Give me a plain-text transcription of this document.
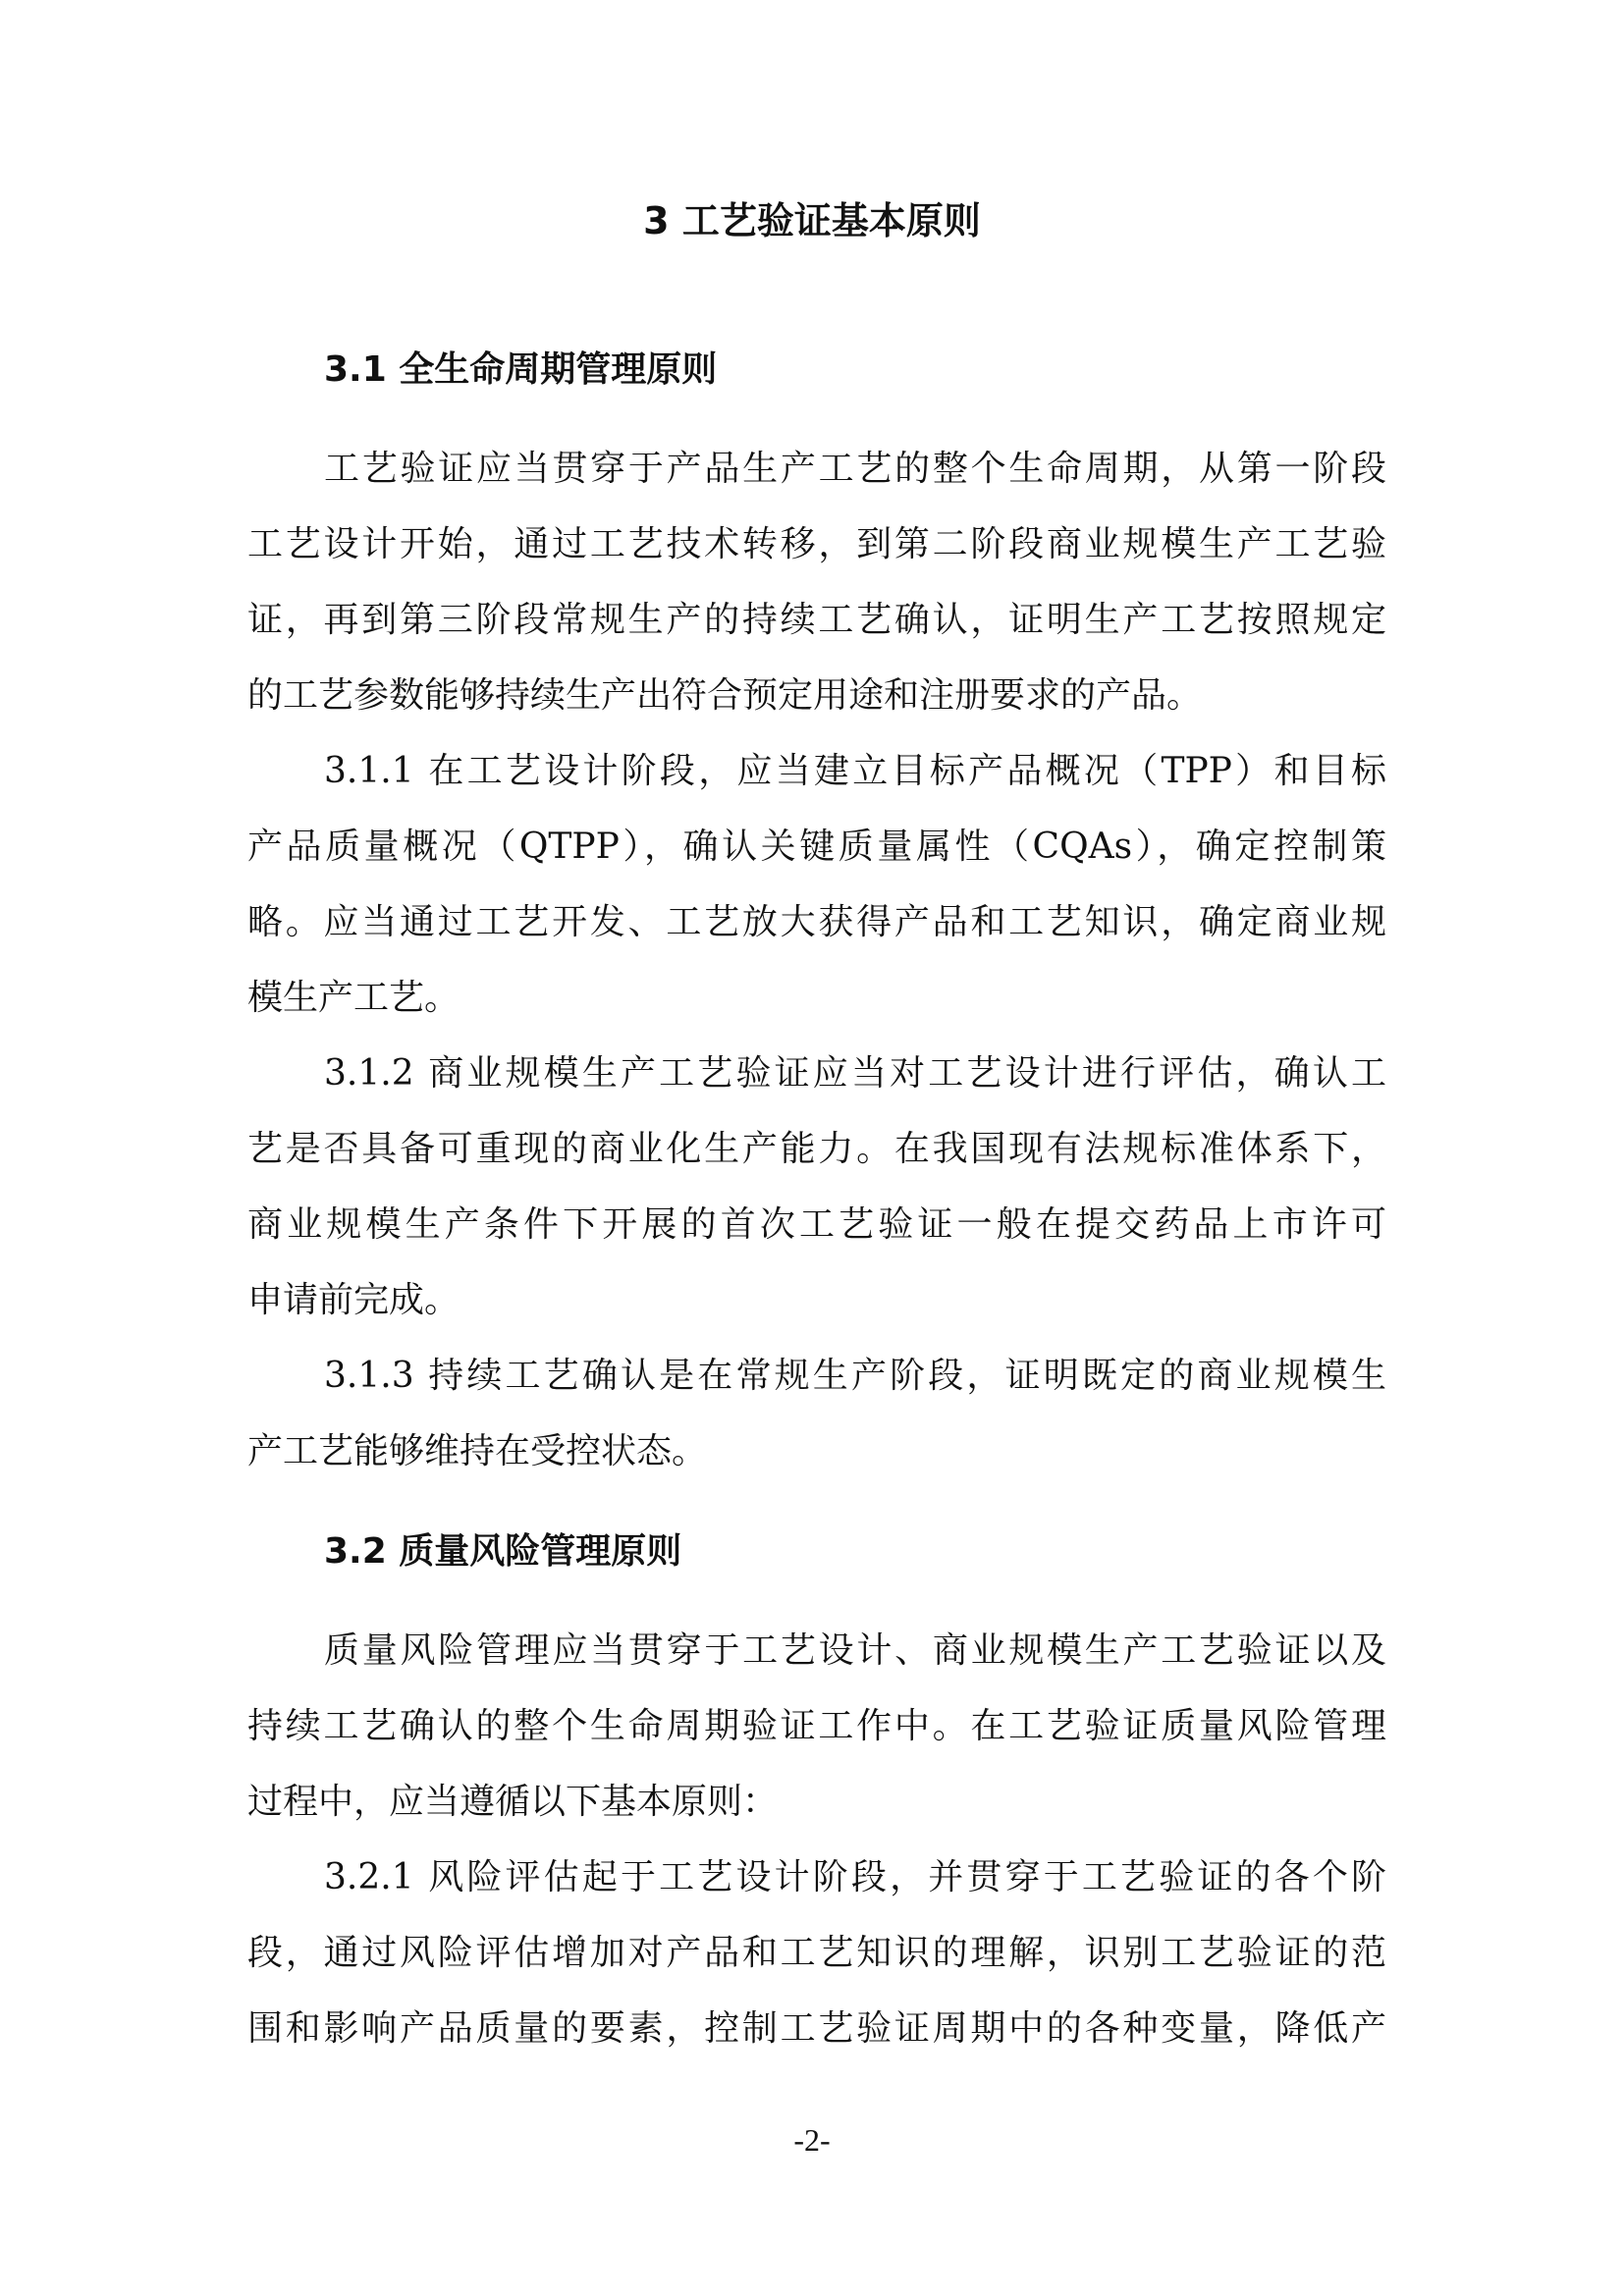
3 工艺验证基本原则
3.1 全生命周期管理原则
工艺验证应当贯穿于产品生产工艺的整个生命周期，从第一阶段
工艺设计开始，通过工艺技术转移，到第二阶段商业规模生产工艺验
证，再到第三阶段常规生产的持续工艺确认，证明生产工艺按照规定
的工艺参数能够持续生产出符合预定用途和注册要求的产品。
3.1.1 在工艺设计阶段，应当建立目标产品概况（TPP）和目标
产品质量概况（QTPP），确认关键质量属性（CQAs），确定控制策
略。应当通过工艺开发、工艺放大获得产品和工艺知识，确定商业规
模生产工艺。
3.1.2 商业规模生产工艺验证应当对工艺设计进行评估，确认工
艺是否具备可重现的商业化生产能力。在我国现有法规标准体系下，
商业规模生产条件下开展的首次工艺验证一般在提交药品上市许可
申请前完成。
3.1.3 持续工艺确认是在常规生产阶段，证明既定的商业规模生
产工艺能够维持在受控状态。
3.2 质量风险管理原则
质量风险管理应当贯穿于工艺设计、商业规模生产工艺验证以及
持续工艺确认的整个生命周期验证工作中。在工艺验证质量风险管理
过程中，应当遵循以下基本原则：
3.2.1 风险评估起于工艺设计阶段，并贯穿于工艺验证的各个阶
段，通过风险评估增加对产品和工艺知识的理解，识别工艺验证的范
围和影响产品质量的要素，控制工艺验证周期中的各种变量，降低产
-2-
